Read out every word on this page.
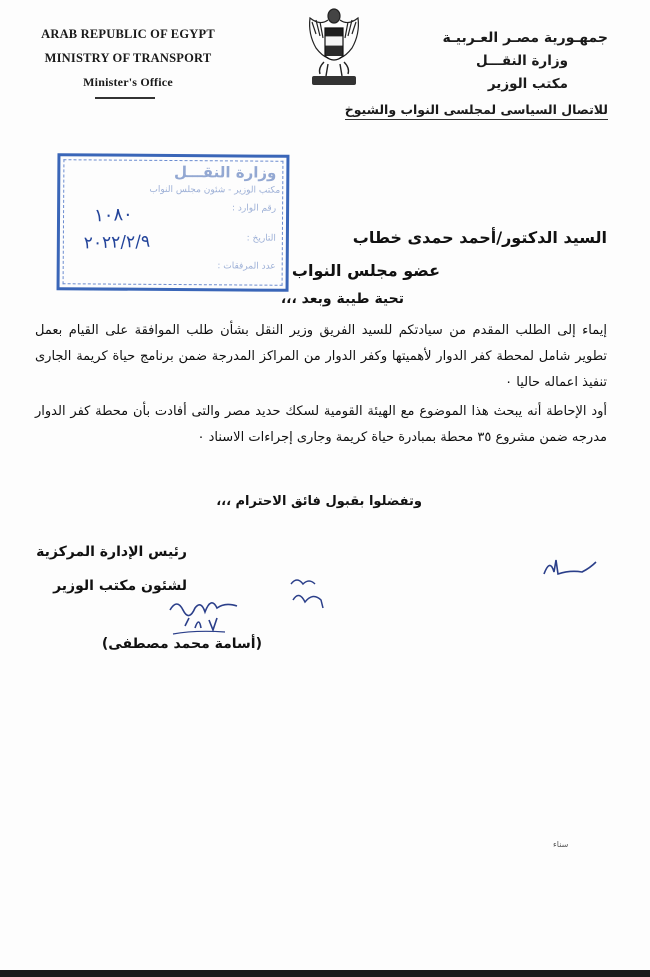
ARAB REPUBLIC OF EGYPT
MINISTRY OF TRANSPORT
Minister's Office
جمهـورية مصـر العـربيـة
وزارة النقـــل
مكتب الوزير
للاتصال السياسى لمجلسى النواب والشيوخ
وزارة النقـــل
مكتب الوزير - شئون مجلس النواب
رقم الوارد :
التاريخ :
عدد المرفقات :
١٠٨٠
٢٠٢٢/٢/٩	السيد الدكتور/أحمد حمدى خطاب
عضو مجلس النواب
تحية طيبة وبعد ،،،
إيماء إلى الطلب المقدم من سيادتكم للسيد الفريق وزير النقل بشأن طلب الموافقة على القيام بعمل تطوير شامل لمحطة كفر الدوار لأهميتها وكفر الدوار من المراكز المدرجة ضمن برنامج حياة كريمة الجارى تنفيذ اعماله حاليا ٠
أود الإحاطة أنه يبحث هذا الموضوع مع الهيئة القومية لسكك حديد مصر والتى أفادت بأن محطة كفر الدوار مدرجه ضمن مشروع ٣٥ محطة بمبادرة حياة كريمة وجارى إجراءات الاسناد ٠
وتفضلوا بقبول فائق الاحترام ،،،
رئيس الإدارة المركزية
لشئون مكتب الوزير
(أسامة محمد مصطفى)
سناء
